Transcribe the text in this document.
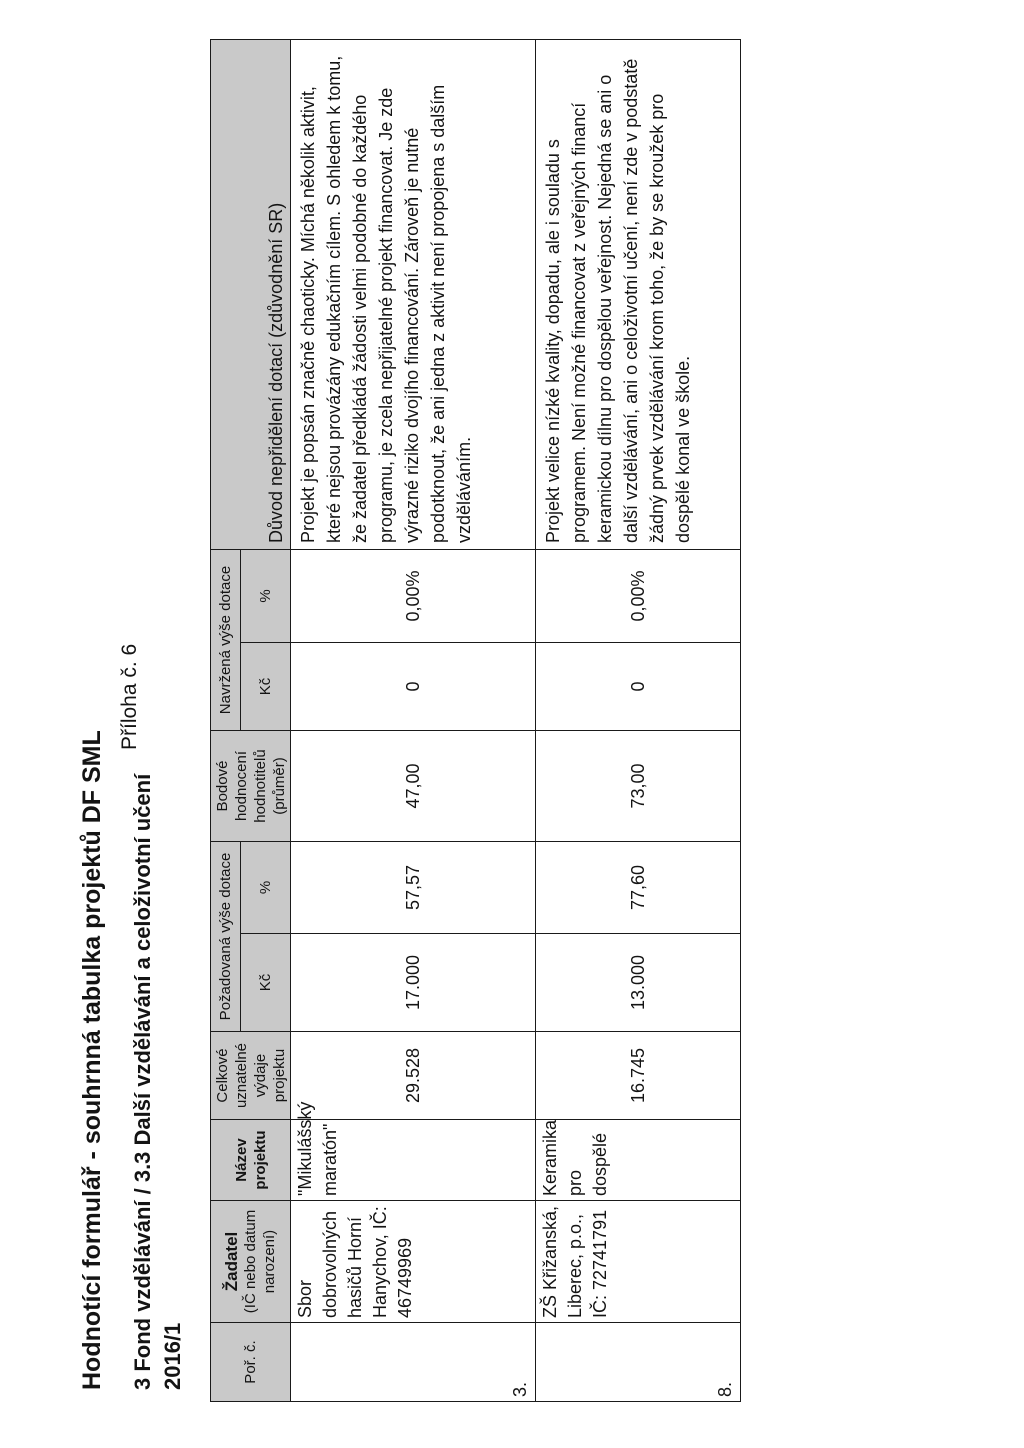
Hodnotící formulář - souhrnná tabulka projektů DF SML 3 Fond vzdělávání / 3.3 Další vzdělávání a celoživotní učení 2016/1
Příloha č. 6
Poř. č.	Žadatel (IČ nebo datum narození)	Název projektu	Celkové uznatelné výdaje projektu	Požadovaná výše dotace		Bodové hodnocení hodnotitelů (průměr)	Navržená výše dotace		Důvod nepřidělení dotací (zdůvodnění SR)
				Kč	%		Kč	%	
3.	Sbor dobrovolných hasičů Horní Hanychov, IČ: 46749969	"Mikulášský maratón"	29.528	17.000	57,57	47,00	0	0,00%	Projekt je popsán značně chaoticky. Míchá několik aktivit, které nejsou provázány edukačním cílem. S ohledem k tomu, že žadatel předkládá žádosti velmi podobné do každého programu, je zcela nepřijatelné projekt financovat. Je zde výrazné riziko dvojího financování. Zároveň je nutné podotknout, že ani jedna z aktivit není propojena s dalším vzděláváním.
8.	ZŠ Křižanská, Liberec, p.o., IČ: 72741791	Keramika pro dospělé	16.745	13.000	77,60	73,00	0	0,00%	Projekt velice nízké kvality, dopadu, ale i souladu s programem. Není možné financovat z veřejných financí keramickou dílnu pro dospělou veřejnost. Nejedná se ani o další vzdělávání, ani o celoživotní učení, není zde v podstatě žádný prvek vzdělávání krom toho, že by se kroužek pro dospělé konal ve škole.
